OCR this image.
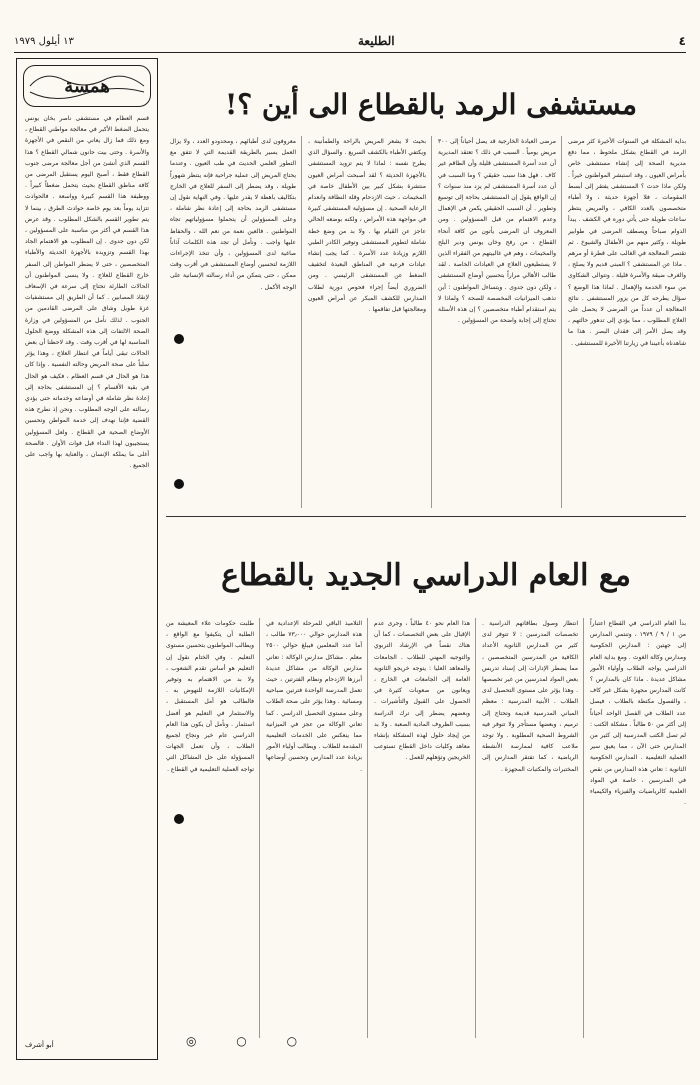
٤
الطليعة
١٣ أيلول ١٩٧٩
همسة
قسم العظام في مستشفى ناصر بخان يونس يتحمل الضغط الأكبر في معالجة مواطني القطاع ، ومع ذلك فما زال يعاني من النقص في الأجهزة والأسرة . وحتى بيت حانون شمالي القطاع ؟ هذا القسم الذي أنشئ من أجل معالجة مرضى جنوب القطاع فقط ، أصبح اليوم يستقبل المرضى من كافة مناطق القطاع بحيث يتحمل ضغطاً كبيراً . ووظيفة هذا القسم كبيرة وواسعة . فالحوادث تتزايد يوماً بعد يوم خاصة حوادث الطرق ، بينما لا يتم تطوير القسم بالشكل المطلوب . وقد عرض هذا القسم في أكثر من مناسبة على المسؤولين ، لكن دون جدوى . إن المطلوب هو الاهتمام الجاد بهذا القسم وتزويده بالأجهزة الحديثة والأطباء المتخصصين ، حتى لا يضطر المواطن إلى السفر خارج القطاع للعلاج . ولا ينسى المواطنون أن الحالات الطارئة تحتاج إلى سرعة في الإسعاف لإنقاذ المصابين . كما أن الطريق إلى مستشفيات غزة طويل وشاق على المرضى القادمين من الجنوب . لذلك نأمل من المسؤولين في وزارة الصحة الالتفات إلى هذه المشكلة ووضع الحلول المناسبة لها في أقرب وقت . وقد لاحظنا أن بعض الحالات تبقى أياماً في انتظار العلاج ، وهذا يؤثر سلباً على صحة المريض وحالته النفسية . وإذا كان هذا هو الحال في قسم العظام ، فكيف هو الحال في بقية الأقسام ؟ إن المستشفى بحاجة إلى إعادة نظر شاملة في أوضاعه وخدماته حتى يؤدي رسالته على الوجه المطلوب . ونحن إذ نطرح هذه القضية فإننا نهدف إلى خدمة المواطن وتحسين الأوضاع الصحية في القطاع . ولعل المسؤولين يستجيبون لهذا النداء قبل فوات الأوان . فالصحة أغلى ما يملكه الإنسان ، والعناية بها واجب على الجميع .
أبو أشرف
مستشفى الرمد بالقطاع الى أين ؟!
بداية المشكلة في السنوات الأخيرة كثر مرضى الرمد في القطاع بشكل ملحوظ ، مما دفع مديرية الصحة إلى إنشاء مستشفى خاص بأمراض العيون ، وقد استبشر المواطنون خيراً . ولكن ماذا حدث ؟ المستشفى يفتقر إلى أبسط المقومات ، فلا أجهزة حديثة ، ولا أطباء متخصصون بالعدد الكافي ، والمريض ينتظر ساعات طويلة حتى يأتي دوره في الكشف . يبدأ الدوام صباحاً ويصطف المرضى في طوابير طويلة ، وكثير منهم من الأطفال والشيوخ . ثم تقتصر المعالجة في الغالب على قطرة أو مرهم . ماذا عن المستشفى ؟ المبنى قديم ولا يصلح ، والغرف ضيقة والأسرة قليلة . وتتوالى الشكاوى من سوء الخدمة والإهمال . لماذا هذا الوضع ؟ سؤال يطرحه كل من يزور المستشفى . نتائج المعالجة أن عدداً من المرضى لا يحصل على العلاج المطلوب ، مما يؤدي إلى تدهور حالتهم ، وقد يصل الأمر إلى فقدان البصر . هذا ما شاهدناه بأعيننا في زيارتنا الأخيرة للمستشفى .
مرضى العيادة الخارجية قد يصل أحياناً إلى ٣٠٠ مريض يومياً . السبب في ذلك ؟ تعتقد المديرية أن عدد أسرة المستشفى قليلة وأن الطاقم غير كاف . فهل هذا سبب حقيقي ؟ وما السبب في أن عدد أسرة المستشفى لم يزد منذ سنوات ؟ إن الواقع يقول إن المستشفى بحاجة إلى توسيع وتطوير . أن السبب الحقيقي يكمن في الإهمال وعدم الاهتمام من قبل المسؤولين . ومن المعروف أن المرضى يأتون من كافة أنحاء القطاع ، من رفح وخان يونس ودير البلح والمخيمات ، وهم في غالبيتهم من الفقراء الذين لا يستطيعون العلاج في العيادات الخاصة . لقد طالب الأهالي مراراً بتحسين أوضاع المستشفى ، ولكن دون جدوى . ويتساءل المواطنون : أين تذهب الميزانيات المخصصة للصحة ؟ ولماذا لا يتم استقدام أطباء متخصصين ؟ إن هذه الأسئلة تحتاج إلى إجابة واضحة من المسؤولين .
بحيث لا يشعر المريض بالراحة والطمأنينة ، ويكتفي الأطباء بالكشف السريع . والسؤال الذي يطرح نفسه : لماذا لا يتم تزويد المستشفى بالأجهزة الحديثة ؟ لقد أصبحت أمراض العيون منتشرة بشكل كبير بين الأطفال خاصة في المخيمات ، حيث الازدحام وقلة النظافة وانعدام الرعاية الصحية . إن مسؤولية المستشفى كبيرة في مواجهة هذه الأمراض ، ولكنه بوضعه الحالي عاجز عن القيام بها . ولا بد من وضع خطة شاملة لتطوير المستشفى وتوفير الكادر الطبي اللازم وزيادة عدد الأسرة . كما يجب إنشاء عيادات فرعية في المناطق البعيدة لتخفيف الضغط عن المستشفى الرئيسي . ومن الضروري أيضاً إجراء فحوص دورية لطلاب المدارس للكشف المبكر عن أمراض العيون ومعالجتها قبل تفاقمها .
معروفون لدى أطبائهم ، ومحدودو العدد ، ولا يزال العمل يسير بالطريقة القديمة التي لا تتفق مع التطور العلمي الحديث في طب العيون . وعندما يحتاج المريض إلى عملية جراحية فإنه ينتظر شهوراً طويلة ، وقد يضطر إلى السفر للعلاج في الخارج بتكاليف باهظة لا يقدر عليها . وفي النهاية نقول إن مستشفى الرمد بحاجة إلى إعادة نظر شاملة ، وعلى المسؤولين أن يتحملوا مسؤولياتهم تجاه المواطنين . فالعين نعمة من نعم الله ، والحفاظ عليها واجب . ونأمل أن تجد هذه الكلمات آذاناً صاغية لدى المسؤولين ، وأن تتخذ الإجراءات اللازمة لتحسين أوضاع المستشفى في أقرب وقت ممكن ، حتى يتمكن من أداء رسالته الإنسانية على الوجه الأكمل .
مع العام الدراسي الجديد بالقطاع
بدأ العام الدراسي في القطاع اعتباراً من ١ / ٩ / ١٩٧٩ ، وتنتمي المدارس إلى جهتين : المدارس الحكومية ومدارس وكالة الغوث . ومع بداية العام الدراسي يواجه الطلاب وأولياء الأمور مشاكل عديدة . ماذا كان بالمدارس ؟ كانت المدارس مجهزة بشكل غير كاف ، والفصول مكتظة بالطلاب ، فيصل عدد الطلاب في الفصل الواحد أحياناً إلى أكثر من ٥٠ طالباً . مشكلة الكتب : لم تصل الكتب المدرسية إلى كثير من المدارس حتى الآن ، مما يعيق سير العملية التعليمية . المدارس الحكومية الثانوية : تعاني هذه المدارس من نقص في المدرسين ، خاصة في المواد العلمية كالرياضيات والفيزياء والكيمياء .
انتظار وصول بطاقاتهم الدراسية . تخصصات المدرسين : لا تتوفر لدى كثير من المدارس الثانوية الأعداد الكافية من المدرسين المتخصصين ، مما يضطر الإدارات إلى إسناد تدريس بعض المواد لمدرسين من غير تخصصها . وهذا يؤثر على مستوى التحصيل لدى الطلاب . الأبنية المدرسية : معظم المباني المدرسية قديمة وتحتاج إلى ترميم ، وبعضها مستأجر ولا تتوفر فيه الشروط الصحية المطلوبة . ولا توجد ملاعب كافية لممارسة الأنشطة الرياضية ، كما تفتقر المدارس إلى المختبرات والمكتبات المجهزة .
هذا العام نحو ٤٠ طالباً ، وجرى عدم الإقبال على بعض التخصصات ، كما أن هناك نقصاً في الإرشاد التربوي والتوجيه المهني للطلاب . الجامعات والمعاهد العليا : يتوجه خريجو الثانوية العامة إلى الجامعات في الخارج ، ويعانون من صعوبات كثيرة في الحصول على القبول والتأشيرات . وبعضهم يضطر إلى ترك الدراسة بسبب الظروف المادية الصعبة . ولا بد من إيجاد حلول لهذه المشكلة بإنشاء معاهد وكليات داخل القطاع تستوعب الخريجين وتؤهلهم للعمل .
التلاميذ الباقي للمرحلة الإعدادية في هذه المدارس حوالي ٧٣٫٠٠٠ طالب ، أما عدد المعلمين فيبلغ حوالي ٢٥٠٠ معلم . مشاكل مدارس الوكالة : تعاني مدارس الوكالة من مشاكل عديدة أبرزها الازدحام ونظام الفترتين ، حيث تعمل المدرسة الواحدة فترتين صباحية ومسائية . وهذا يؤثر على صحة الطلاب وعلى مستوى التحصيل الدراسي . كما تعاني الوكالة من عجز في الميزانية مما ينعكس على الخدمات التعليمية المقدمة للطلاب . ويطالب أولياء الأمور بزيادة عدد المدارس وتحسين أوضاعها .
طلبت حكومات علاء المعيشة من الطلبة أن يتكيفوا مع الواقع ، ويطالب المواطنون بتحسين مستوى التعليم . وفي الختام نقول إن التعليم هو أساس تقدم الشعوب ، ولا بد من الاهتمام به وتوفير الإمكانيات اللازمة للنهوض به . فالطالب هو أمل المستقبل ، والاستثمار في التعليم هو أفضل استثمار . ونأمل أن يكون هذا العام الدراسي عام خير ونجاح لجميع الطلاب ، وأن تعمل الجهات المسؤولة على حل المشاكل التي تواجه العملية التعليمية في القطاع .
○ ○ ◎
